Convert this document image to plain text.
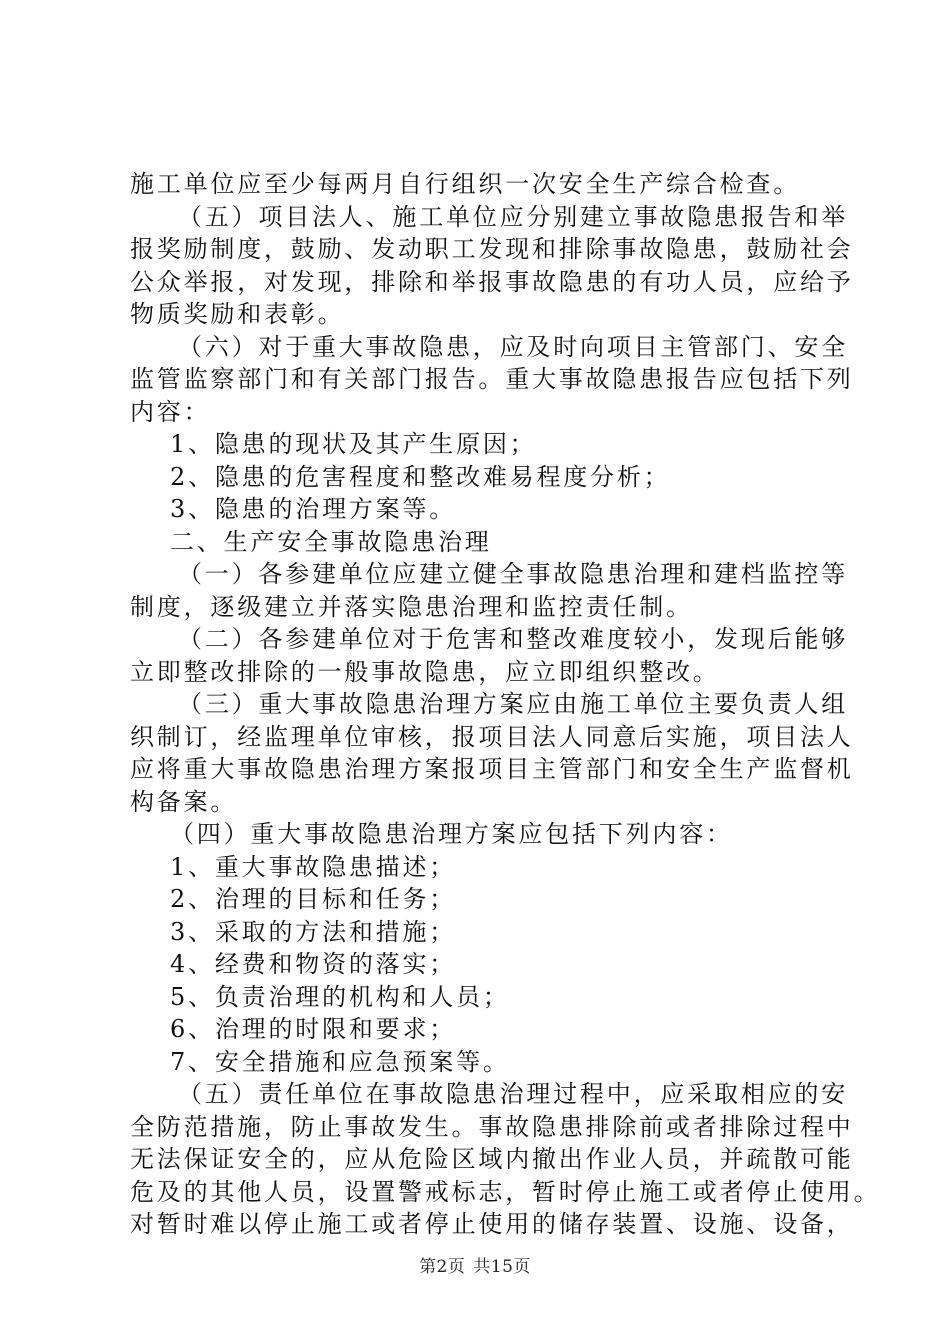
施工单位应至少每两月自行组织一次安全生产综合检查。
（五）项目法人、施工单位应分别建立事故隐患报告和举
报奖励制度，鼓励、发动职工发现和排除事故隐患，鼓励社会
公众举报，对发现，排除和举报事故隐患的有功人员，应给予
物质奖励和表彰。
（六）对于重大事故隐患，应及时向项目主管部门、安全
监管监察部门和有关部门报告。重大事故隐患报告应包括下列
内容：
1、隐患的现状及其产生原因；
2、隐患的危害程度和整改难易程度分析；
3、隐患的治理方案等。
二、生产安全事故隐患治理
（一）各参建单位应建立健全事故隐患治理和建档监控等
制度，逐级建立并落实隐患治理和监控责任制。
（二）各参建单位对于危害和整改难度较小，发现后能够
立即整改排除的一般事故隐患，应立即组织整改。
（三）重大事故隐患治理方案应由施工单位主要负责人组
织制订，经监理单位审核，报项目法人同意后实施，项目法人
应将重大事故隐患治理方案报项目主管部门和安全生产监督机
构备案。
（四）重大事故隐患治理方案应包括下列内容：
1、重大事故隐患描述；
2、治理的目标和任务；
3、采取的方法和措施；
4、经费和物资的落实；
5、负责治理的机构和人员；
6、治理的时限和要求；
7、安全措施和应急预案等。
（五）责任单位在事故隐患治理过程中，应采取相应的安
全防范措施，防止事故发生。事故隐患排除前或者排除过程中
无法保证安全的，应从危险区域内撤出作业人员，并疏散可能
危及的其他人员，设置警戒标志，暂时停止施工或者停止使用。
对暂时难以停止施工或者停止使用的储存装置、设施、设备，
第2页 共15页
